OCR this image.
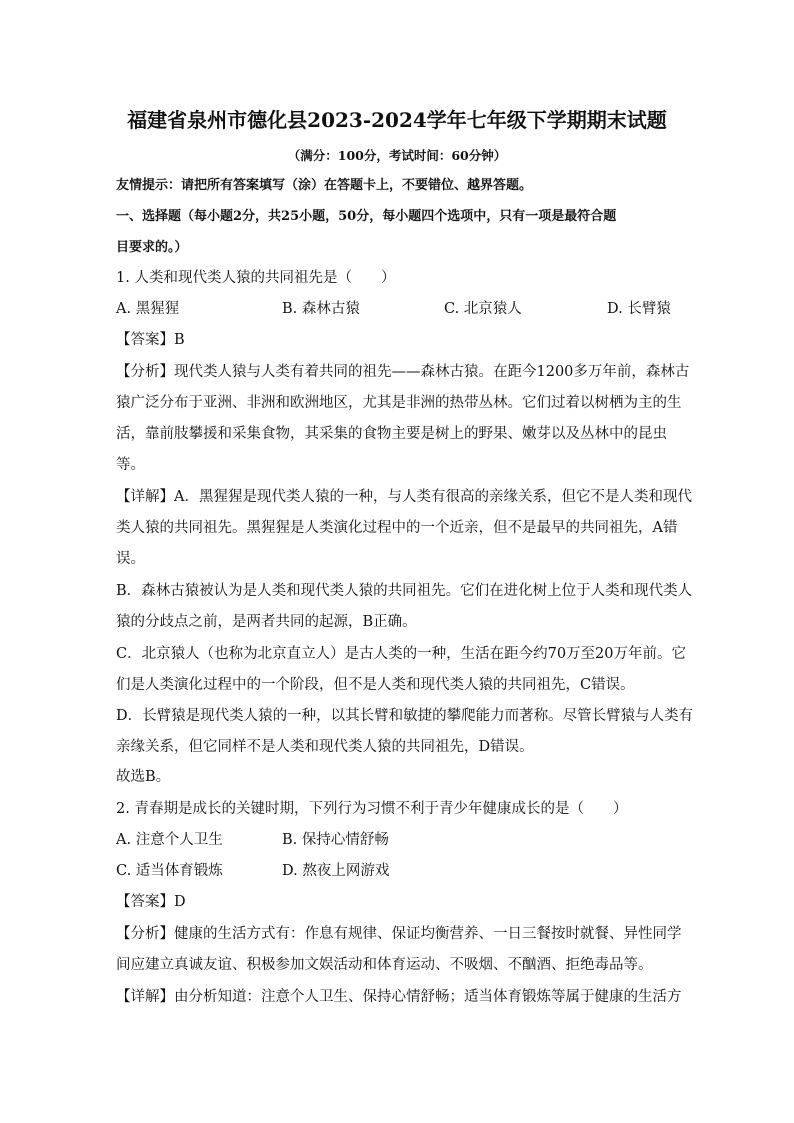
福建省泉州市德化县2023-2024学年七年级下学期期末试题
（满分：100分，考试时间：60分钟）
友情提示：请把所有答案填写（涂）在答题卡上，不要错位、越界答题。
一、选择题（每小题2分，共25小题，50分，每小题四个选项中，只有一项是最符合题
目要求的。）
1. 人类和现代类人猿的共同祖先是（　　）
A. 黑猩猩	B. 森林古猿	C. 北京猿人	D. 长臂猿
【答案】B
【分析】现代类人猿与人类有着共同的祖先——森林古猿。在距今1200多万年前，森林古
猿广泛分布于亚洲、非洲和欧洲地区，尤其是非洲的热带丛林。它们过着以树栖为主的生
活，靠前肢攀援和采集食物，其采集的食物主要是树上的野果、嫩芽以及丛林中的昆虫
等。
【详解】A．黑猩猩是现代类人猿的一种，与人类有很高的亲缘关系，但它不是人类和现代
类人猿的共同祖先。黑猩猩是人类演化过程中的一个近亲，但不是最早的共同祖先，A错
误。
B．森林古猿被认为是人类和现代类人猿的共同祖先。它们在进化树上位于人类和现代类人
猿的分歧点之前，是两者共同的起源，B正确。
C．北京猿人（也称为北京直立人）是古人类的一种，生活在距今约70万至20万年前。它
们是人类演化过程中的一个阶段，但不是人类和现代类人猿的共同祖先，C错误。
D．长臂猿是现代类人猿的一种，以其长臂和敏捷的攀爬能力而著称。尽管长臂猿与人类有
亲缘关系，但它同样不是人类和现代类人猿的共同祖先，D错误。
故选B。
2. 青春期是成长的关键时期，下列行为习惯不利于青少年健康成长的是（　　）
A. 注意个人卫生	B. 保持心情舒畅
C. 适当体育锻炼	D. 熬夜上网游戏
【答案】D
【分析】健康的生活方式有：作息有规律、保证均衡营养、一日三餐按时就餐、异性同学
间应建立真诚友谊、积极参加文娱活动和体育运动、不吸烟、不酗酒、拒绝毒品等。
【详解】由分析知道：注意个人卫生、保持心情舒畅；适当体育锻炼等属于健康的生活方
